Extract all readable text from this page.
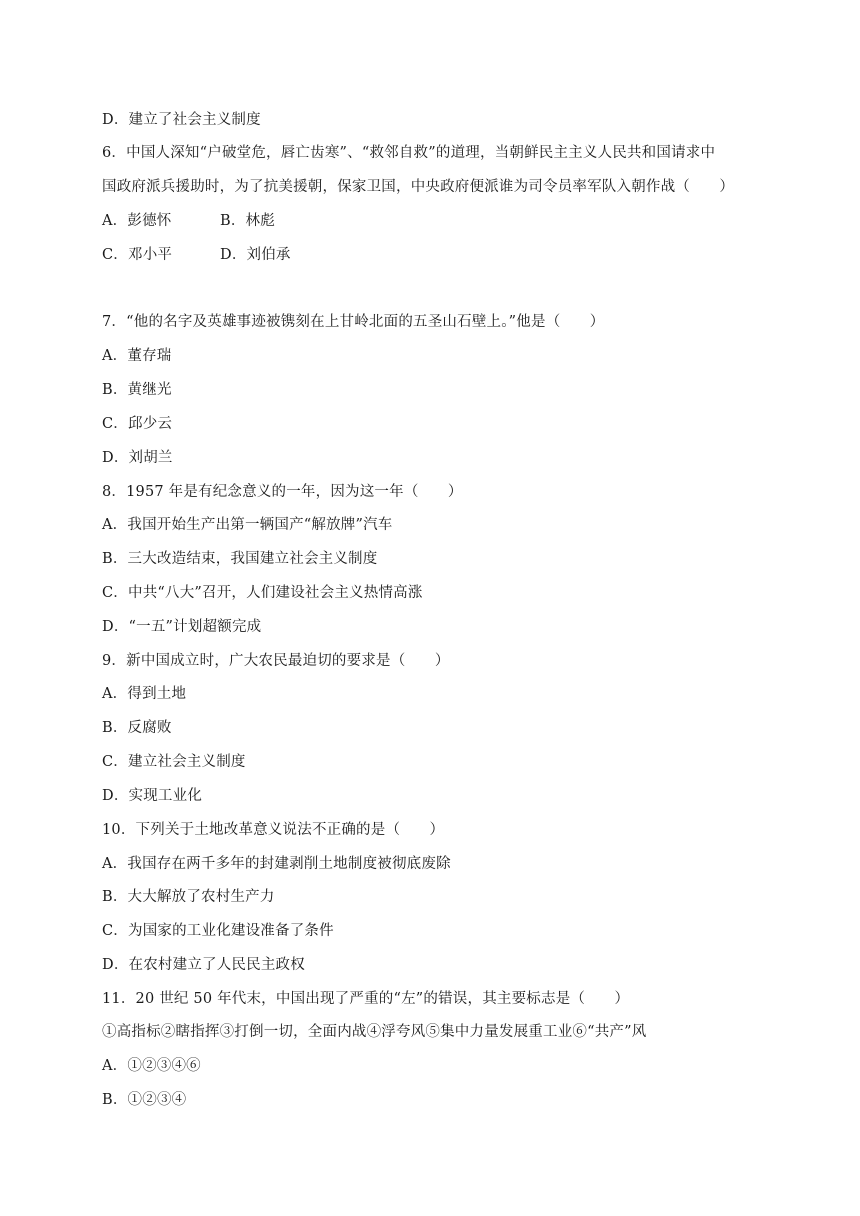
D．建立了社会主义制度
6．中国人深知“户破堂危，唇亡齿寒”、“救邻自救”的道理，当朝鲜民主主义人民共和国请求中
国政府派兵援助时，为了抗美援朝，保家卫国，中央政府便派谁为司令员率军队入朝作战（　　）
A．彭德怀	B．林彪
C．邓小平	D．刘伯承
7．“他的名字及英雄事迹被镌刻在上甘岭北面的五圣山石壁上。”他是（　　）
A．董存瑞
B．黄继光
C．邱少云
D．刘胡兰
8．1957 年是有纪念意义的一年，因为这一年（　　）
A．我国开始生产出第一辆国产“解放牌”汽车
B．三大改造结束，我国建立社会主义制度
C．中共“八大”召开，人们建设社会主义热情高涨
D．“一五”计划超额完成
9．新中国成立时，广大农民最迫切的要求是（　　）
A．得到土地
B．反腐败
C．建立社会主义制度
D．实现工业化
10．下列关于土地改革意义说法不正确的是（　　）
A．我国存在两千多年的封建剥削土地制度被彻底废除
B．大大解放了农村生产力
C．为国家的工业化建设准备了条件
D．在农村建立了人民民主政权
11．20 世纪 50 年代末，中国出现了严重的“左”的错误，其主要标志是（　　）
①高指标②瞎指挥③打倒一切，全面内战④浮夸风⑤集中力量发展重工业⑥“共产”风
A．①②③④⑥
B．①②③④
